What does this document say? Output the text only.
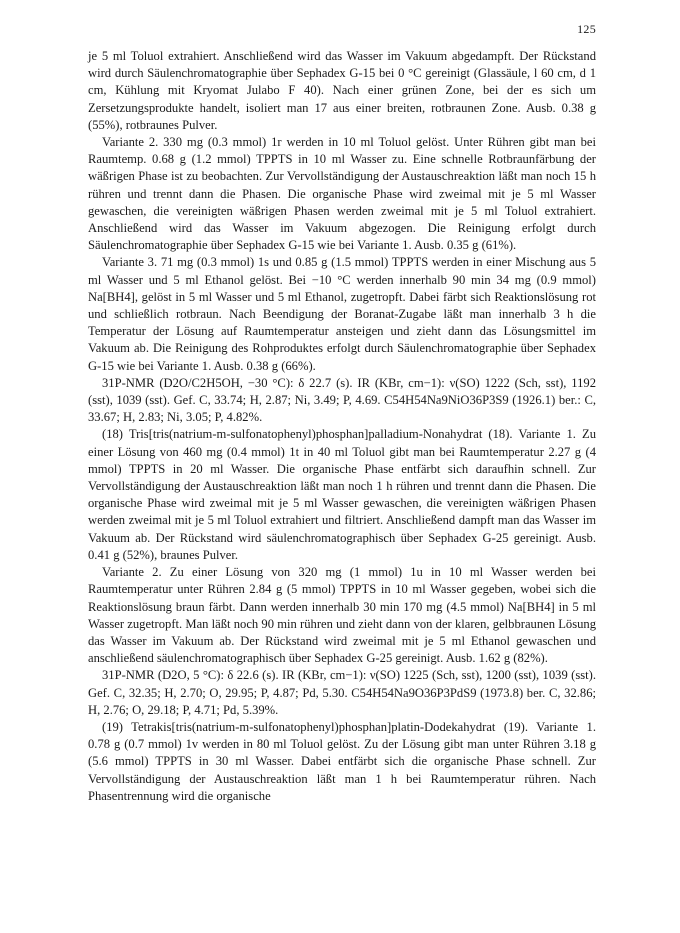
125

je 5 ml Toluol extrahiert. Anschließend wird das Wasser im Vakuum abgedampft. Der Rückstand wird durch Säulenchromatographie über Sephadex G-15 bei 0 °C gereinigt (Glassäule, l 60 cm, d 1 cm, Kühlung mit Kryomat Julabo F 40). Nach einer grünen Zone, bei der es sich um Zersetzungsprodukte handelt, isoliert man 17 aus einer breiten, rotbraunen Zone. Ausb. 0.38 g (55%), rotbraunes Pulver.

Variante 2. 330 mg (0.3 mmol) 1r werden in 10 ml Toluol gelöst. Unter Rühren gibt man bei Raumtemp. 0.68 g (1.2 mmol) TPPTS in 10 ml Wasser zu. Eine schnelle Rotbraunfärbung der wäßrigen Phase ist zu beobachten. Zur Vervollständigung der Austauschreaktion läßt man noch 15 h rühren und trennt dann die Phasen. Die organische Phase wird zweimal mit je 5 ml Wasser gewaschen, die vereinigten wäßrigen Phasen werden zweimal mit je 5 ml Toluol extrahiert. Anschließend wird das Wasser im Vakuum abgezogen. Die Reinigung erfolgt durch Säulenchromatographie über Sephadex G-15 wie bei Variante 1. Ausb. 0.35 g (61%).

Variante 3. 71 mg (0.3 mmol) 1s und 0.85 g (1.5 mmol) TPPTS werden in einer Mischung aus 5 ml Wasser und 5 ml Ethanol gelöst. Bei −10 °C werden innerhalb 90 min 34 mg (0.9 mmol) Na[BH4], gelöst in 5 ml Wasser und 5 ml Ethanol, zugetropft. Dabei färbt sich Reaktionslösung rot und schließlich rotbraun. Nach Beendigung der Boranat-Zugabe läßt man innerhalb 3 h die Temperatur der Lösung auf Raumtemperatur ansteigen und zieht dann das Lösungsmittel im Vakuum ab. Die Reinigung des Rohproduktes erfolgt durch Säulenchromatographie über Sephadex G-15 wie bei Variante 1. Ausb. 0.38 g (66%).

31P-NMR (D2O/C2H5OH, −30 °C): δ 22.7 (s). IR (KBr, cm−1): ν(SO) 1222 (Sch, sst), 1192 (sst), 1039 (sst). Gef. C, 33.74; H, 2.87; Ni, 3.49; P, 4.69. C54H54Na9NiO36P3S9 (1926.1) ber.: C, 33.67; H, 2.83; Ni, 3.05; P, 4.82%.

(18) Tris[tris(natrium-m-sulfonatophenyl)phosphan]palladium-Nonahydrat (18). Variante 1. Zu einer Lösung von 460 mg (0.4 mmol) 1t in 40 ml Toluol gibt man bei Raumtemperatur 2.27 g (4 mmol) TPPTS in 20 ml Wasser. Die organische Phase entfärbt sich daraufhin schnell. Zur Vervollständigung der Austauschreaktion läßt man noch 1 h rühren und trennt dann die Phasen. Die organische Phase wird zweimal mit je 5 ml Wasser gewaschen, die vereinigten wäßrigen Phasen werden zweimal mit je 5 ml Toluol extrahiert und filtriert. Anschließend dampft man das Wasser im Vakuum ab. Der Rückstand wird säulenchromatographisch über Sephadex G-25 gereinigt. Ausb. 0.41 g (52%), braunes Pulver.

Variante 2. Zu einer Lösung von 320 mg (1 mmol) 1u in 10 ml Wasser werden bei Raumtemperatur unter Rühren 2.84 g (5 mmol) TPPTS in 10 ml Wasser gegeben, wobei sich die Reaktionslösung braun färbt. Dann werden innerhalb 30 min 170 mg (4.5 mmol) Na[BH4] in 5 ml Wasser zugetropft. Man läßt noch 90 min rühren und zieht dann von der klaren, gelbbraunen Lösung das Wasser im Vakuum ab. Der Rückstand wird zweimal mit je 5 ml Ethanol gewaschen und anschließend säulenchromatographisch über Sephadex G-25 gereinigt. Ausb. 1.62 g (82%).

31P-NMR (D2O, 5 °C): δ 22.6 (s). IR (KBr, cm−1): ν(SO) 1225 (Sch, sst), 1200 (sst), 1039 (sst). Gef. C, 32.35; H, 2.70; O, 29.95; P, 4.87; Pd, 5.30. C54H54Na9O36P3PdS9 (1973.8) ber. C, 32.86; H, 2.76; O, 29.18; P, 4.71; Pd, 5.39%.

(19) Tetrakis[tris(natrium-m-sulfonatophenyl)phosphan]platin-Dodekahydrat (19). Variante 1. 0.78 g (0.7 mmol) 1v werden in 80 ml Toluol gelöst. Zu der Lösung gibt man unter Rühren 3.18 g (5.6 mmol) TPPTS in 30 ml Wasser. Dabei entfärbt sich die organische Phase schnell. Zur Vervollständigung der Austauschreaktion läßt man 1 h bei Raumtemperatur rühren. Nach Phasentrennung wird die organische
